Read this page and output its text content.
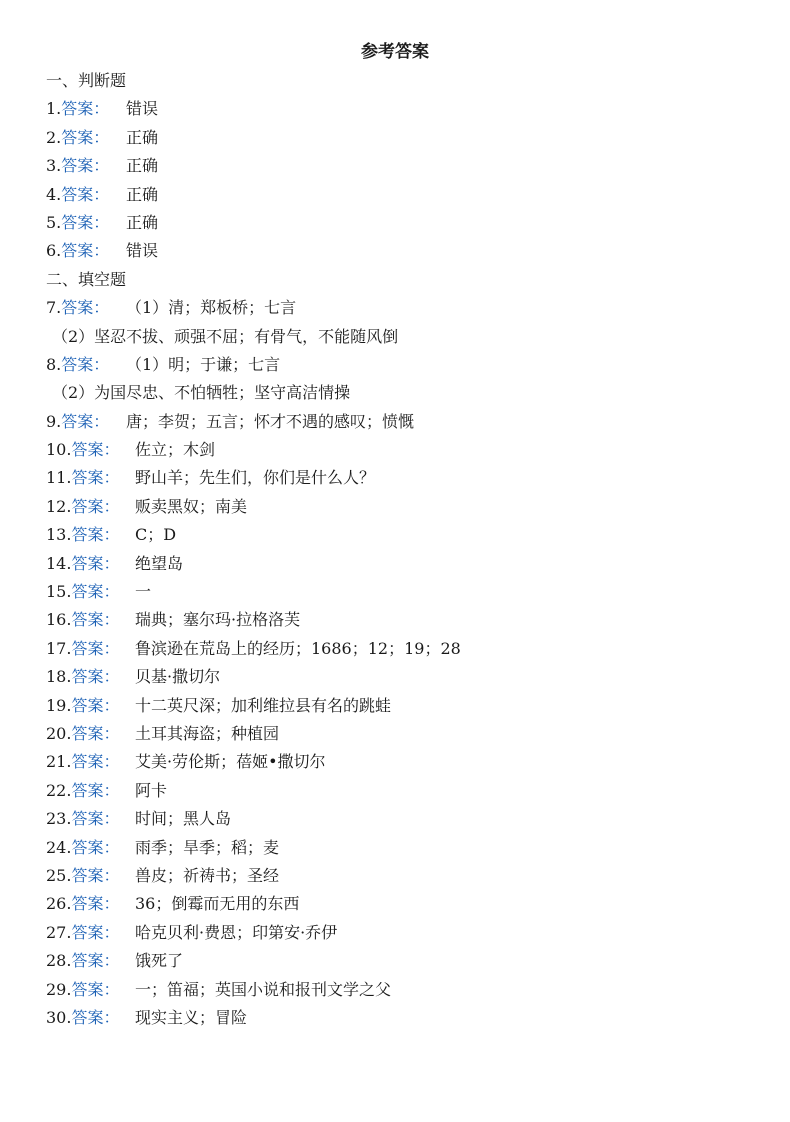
参考答案
一、判断题
1.答案： 错误
2.答案： 正确
3.答案： 正确
4.答案： 正确
5.答案： 正确
6.答案： 错误
二、填空题
7.答案： （1）清；郑板桥；七言
（2）坚忍不拔、顽强不屈；有骨气，不能随风倒
8.答案： （1）明；于谦；七言
（2）为国尽忠、不怕牺牲；坚守高洁情操
9.答案： 唐；李贺；五言；怀才不遇的感叹；愤慨
10.答案： 佐立；木剑
11.答案： 野山羊；先生们，你们是什么人？
12.答案： 贩卖黑奴；南美
13.答案： C；D
14.答案： 绝望岛
15.答案： 一
16.答案： 瑞典；塞尔玛·拉格洛芙
17.答案： 鲁滨逊在荒岛上的经历；1686；12；19；28
18.答案： 贝基·撒切尔
19.答案： 十二英尺深；加利维拉县有名的跳蛙
20.答案： 土耳其海盗；种植园
21.答案： 艾美·劳伦斯；蓓姬•撒切尔
22.答案： 阿卡
23.答案： 时间；黑人岛
24.答案： 雨季；旱季；稻；麦
25.答案： 兽皮；祈祷书；圣经
26.答案： 36；倒霉而无用的东西
27.答案： 哈克贝利·费恩；印第安·乔伊
28.答案： 饿死了
29.答案： 一；笛福；英国小说和报刊文学之父
30.答案： 现实主义；冒险
